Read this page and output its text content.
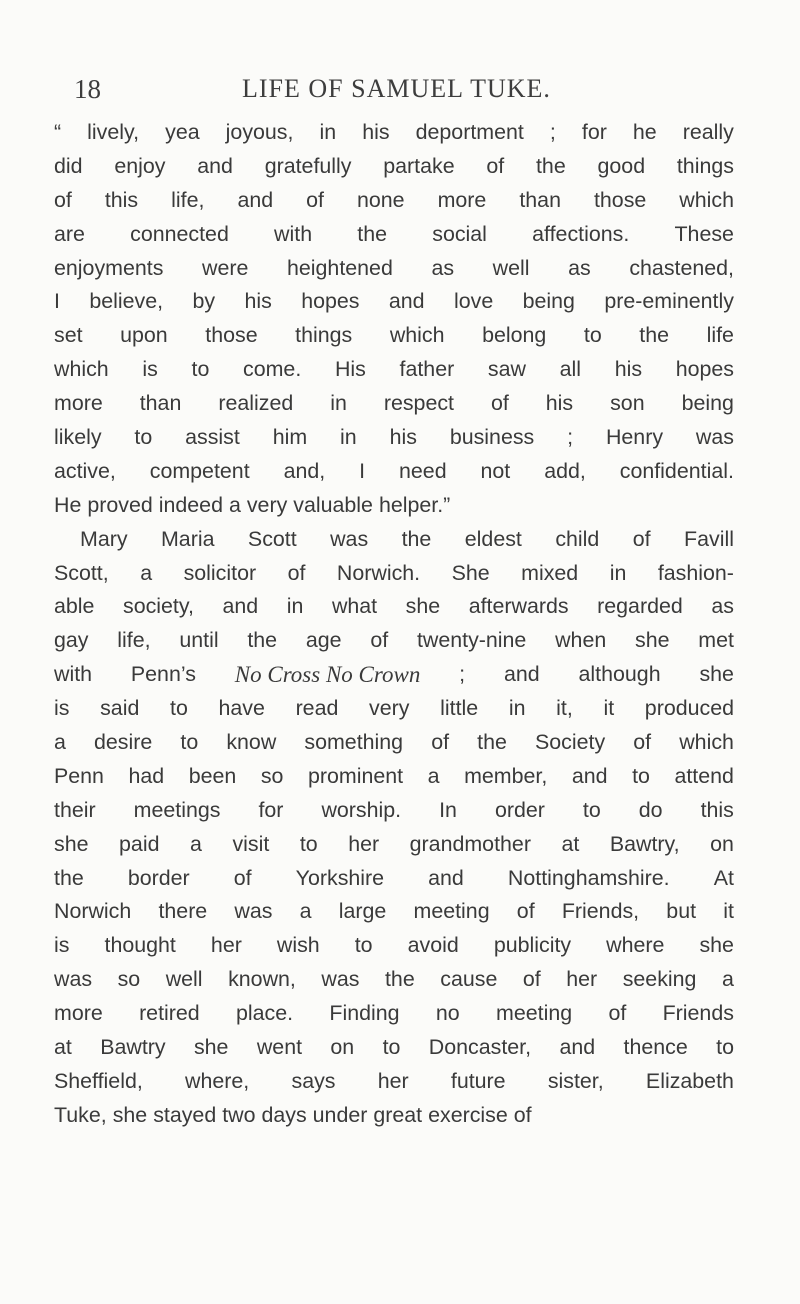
18	LIFE OF SAMUEL TUKE.
“ lively, yea joyous, in his deportment ; for he really
did enjoy and gratefully partake of the good things
of this life, and of none more than those which
are connected with the social affections. These
enjoyments were heightened as well as chastened,
I believe, by his hopes and love being pre-eminently
set upon those things which belong to the life
which is to come. His father saw all his hopes
more than realized in respect of his son being
likely to assist him in his business ; Henry was
active, competent and, I need not add, confidential.
He proved indeed a very valuable helper.”
Mary Maria Scott was the eldest child of Favill
Scott, a solicitor of Norwich. She mixed in fashion-
able society, and in what she afterwards regarded as
gay life, until the age of twenty-nine when she met
with Penn’s No Cross No Crown ; and although she
is said to have read very little in it, it produced
a desire to know something of the Society of which
Penn had been so prominent a member, and to attend
their meetings for worship. In order to do this
she paid a visit to her grandmother at Bawtry, on
the border of Yorkshire and Nottinghamshire. At
Norwich there was a large meeting of Friends, but it
is thought her wish to avoid publicity where she
was so well known, was the cause of her seeking a
more retired place. Finding no meeting of Friends
at Bawtry she went on to Doncaster, and thence to
Sheffield, where, says her future sister, Elizabeth
Tuke, she stayed two days under great exercise of
